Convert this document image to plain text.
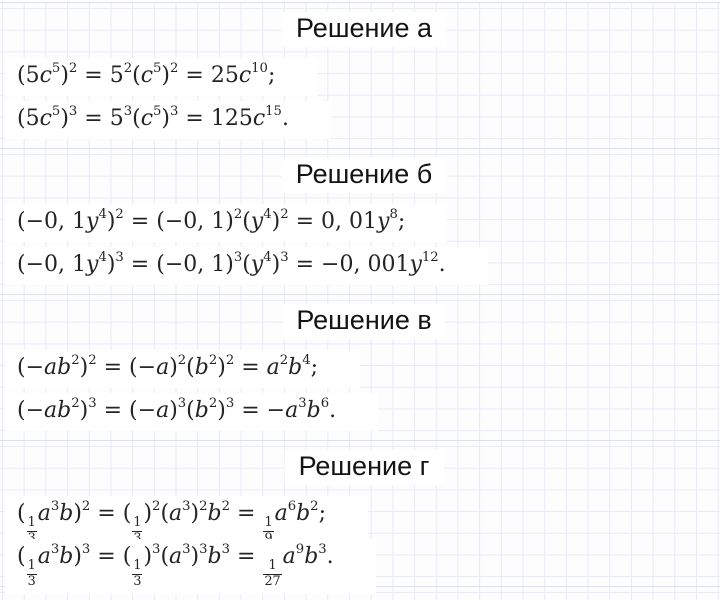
Решение а
$(5c^5)^2 = 5^2(c^5)^2 = 25c^{10}$;
$(5c^5)^3 = 5^3(c^5)^3 = 125c^{15}$.
Решение б
(−0, $1y^4)^2 = (-0$, $1)^2(y^4)^2 = 0$, $01y^8$;
(−0, $1y^4)^3 = (-0$, $1)^3(y^4)^3 = -0$, $001y^{12}$.
Решение в
$(-ab^2)^2 = (-a)^2(b^2)^2 = a^2b^4$;
$(-ab^2)^3 = (-a)^3(b^2)^3 = -a^3b^6$.
Решение г
( 1 $a^3b)^2$ = ( 1 )$^2(a^3)^2b^2 = 1$ $a^6b^2$;
(
$\frac{1}{3}$
$a^3b)^3$ = (
$\frac{1}{3}$
)$^3(a^3)^3b^3$ =
$\frac{1}{27}$
$a^9b^3$.
